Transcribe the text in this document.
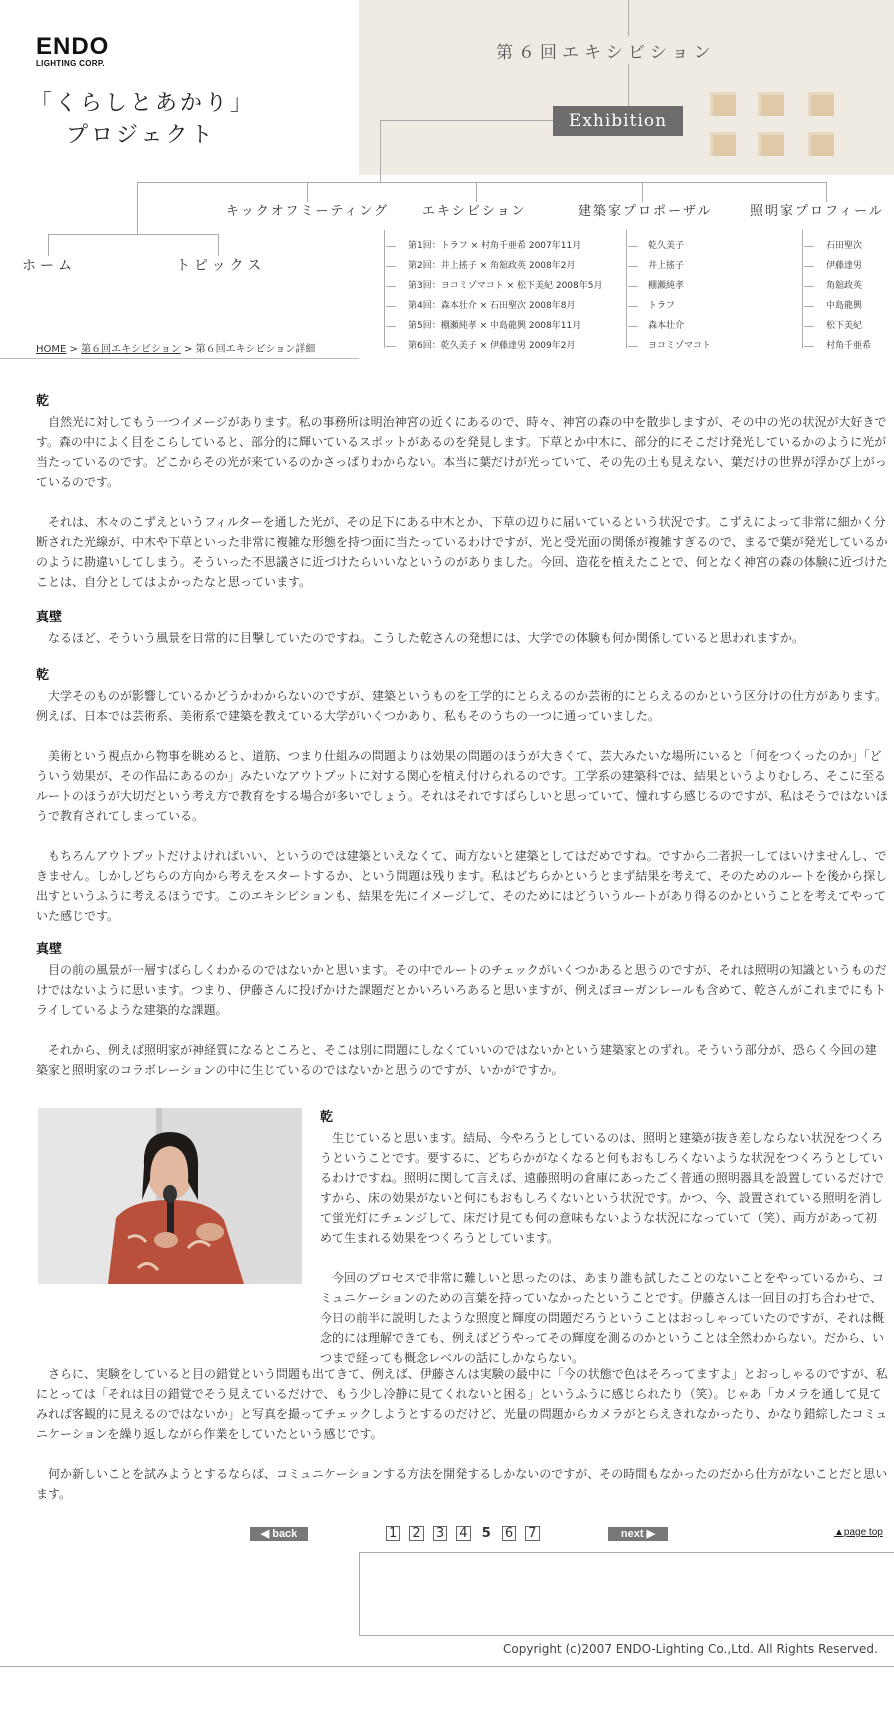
ENDO
LIGHTING CORP.
「くらしとあかり」
プロジェクト
第６回エキシビション
Exhibition
ホーム	トピックス
キックオフミーティング	エキシビション	建築家プロポーザル	照明家プロフィール
第1回：トラフ × 村角千亜希 2007年11月
第2回：井上搖子 × 角舘政英 2008年2月
第3回：ヨコミゾマコト × 松下美紀 2008年5月
第4回：森本壮介 × 石田聖次 2008年8月
第5回：棚瀬純孝 × 中島龍興 2008年11月
第6回：乾久美子 × 伊藤達男 2009年2月
乾久美子
井上搖子
棚瀬純孝
トラフ
森本壮介
ヨコミゾマコト
石田聖次
伊藤達男
角舘政英
中島龍興
松下美紀
村角千亜希
HOME > 第６回エキシビション > 第６回エキシビション詳細
乾

自然光に対してもう一つイメージがあります。私の事務所は明治神宮の近くにあるので、時々、神宮の森の中を散歩しますが、その中の光の状況が大好きです。森の中によく目をこらしていると、部分的に輝いているスポットがあるのを発見します。下草とか中木に、部分的にそこだけ発光しているかのように光が当たっているのです。どこからその光が来ているのかさっぱりわからない。本当に葉だけが光っていて、その先の土も見えない、葉だけの世界が浮かび上がっているのです。

それは、木々のこずえというフィルターを通した光が、その足下にある中木とか、下草の辺りに届いているという状況です。こずえによって非常に細かく分断された光線が、中木や下草といった非常に複雑な形態を持つ面に当たっているわけですが、光と受光面の関係が複雑すぎるので、まるで葉が発光しているかのように勘違いしてしまう。そういった不思議さに近づけたらいいなというのがありました。今回、造花を植えたことで、何となく神宮の森の体験に近づけたことは、自分としてはよかったなと思っています。

真壁

なるほど、そういう風景を日常的に目撃していたのですね。こうした乾さんの発想には、大学での体験も何か関係していると思われますか。

乾

大学そのものが影響しているかどうかわからないのですが、建築というものを工学的にとらえるのか芸術的にとらえるのかという区分けの仕方があります。例えば、日本では芸術系、美術系で建築を教えている大学がいくつかあり、私もそのうちの一つに通っていました。

美術という視点から物事を眺めると、道筋、つまり仕組みの問題よりは効果の問題のほうが大きくて、芸大みたいな場所にいると「何をつくったのか」「どういう効果が、その作品にあるのか」みたいなアウトプットに対する関心を植え付けられるのです。工学系の建築科では、結果というよりむしろ、そこに至るルートのほうが大切だという考え方で教育をする場合が多いでしょう。それはそれですばらしいと思っていて、憧れすら感じるのですが、私はそうではないほうで教育されてしまっている。

もちろんアウトプットだけよければいい、というのでは建築といえなくて、両方ないと建築としてはだめですね。ですから二者択一してはいけませんし、できません。しかしどちらの方向から考えをスタートするか、という問題は残ります。私はどちらかというとまず結果を考えて、そのためのルートを後から探し出すというふうに考えるほうです。このエキシビションも、結果を先にイメージして、そのためにはどういうルートがあり得るのかということを考えてやっていた感じです。

真壁

目の前の風景が一層すばらしくわかるのではないかと思います。その中でルートのチェックがいくつかあると思うのですが、それは照明の知識というものだけではないように思います。つまり、伊藤さんに投げかけた課題だとかいろいろあると思いますが、例えばヨーガンレールも含めて、乾さんがこれまでにもトライしているような建築的な課題。

それから、例えば照明家が神経質になるところと、そこは別に問題にしなくていいのではないかという建築家とのずれ。そういう部分が、恐らく今回の建築家と照明家のコラボレーションの中に生じているのではないかと思うのですが、いかがですか。

乾

生じていると思います。結局、今やろうとしているのは、照明と建築が抜き差しならない状況をつくろうということです。要するに、どちらかがなくなると何もおもしろくないような状況をつくろうとしているわけですね。照明に関して言えば、遠藤照明の倉庫にあったごく普通の照明器具を設置しているだけですから、床の効果がないと何にもおもしろくないという状況です。かつ、今、設置されている照明を消して蛍光灯にチェンジして、床だけ見ても何の意味もないような状況になっていて（笑）、両方があって初めて生まれる効果をつくろうとしています。

今回のプロセスで非常に難しいと思ったのは、あまり誰も試したことのないことをやっているから、コミュニケーションのための言葉を持っていなかったということです。伊藤さんは一回目の打ち合わせで、今日の前半に説明したような照度と輝度の問題だろうということはおっしゃっていたのですが、それは概念的には理解できても、例えばどうやってその輝度を測るのかということは全然わからない。だから、いつまで経っても概念レベルの話にしかならない。

さらに、実験をしていると目の錯覚という問題も出てきて、例えば、伊藤さんは実験の最中に「今の状態で色はそろってますよ」とおっしゃるのですが、私にとっては「それは目の錯覚でそう見えているだけで、もう少し冷静に見てくれないと困る」というふうに感じられたり（笑）。じゃあ「カメラを通して見てみれば客観的に見えるのではないか」と写真を撮ってチェックしようとするのだけど、光量の問題からカメラがとらえきれなかったり、かなり錯綜したコミュニケーションを繰り返しながら作業をしていたという感じです。

何か新しいことを試みようとするならば、コミュニケーションする方法を開発するしかないのですが、その時間もなかったのだから仕方がないことだと思います。

◀ back	1 2 3 4 5 6 7	next ▶	▲page top
Copyright (c)2007 ENDO-Lighting Co.,Ltd. All Rights Reserved.
